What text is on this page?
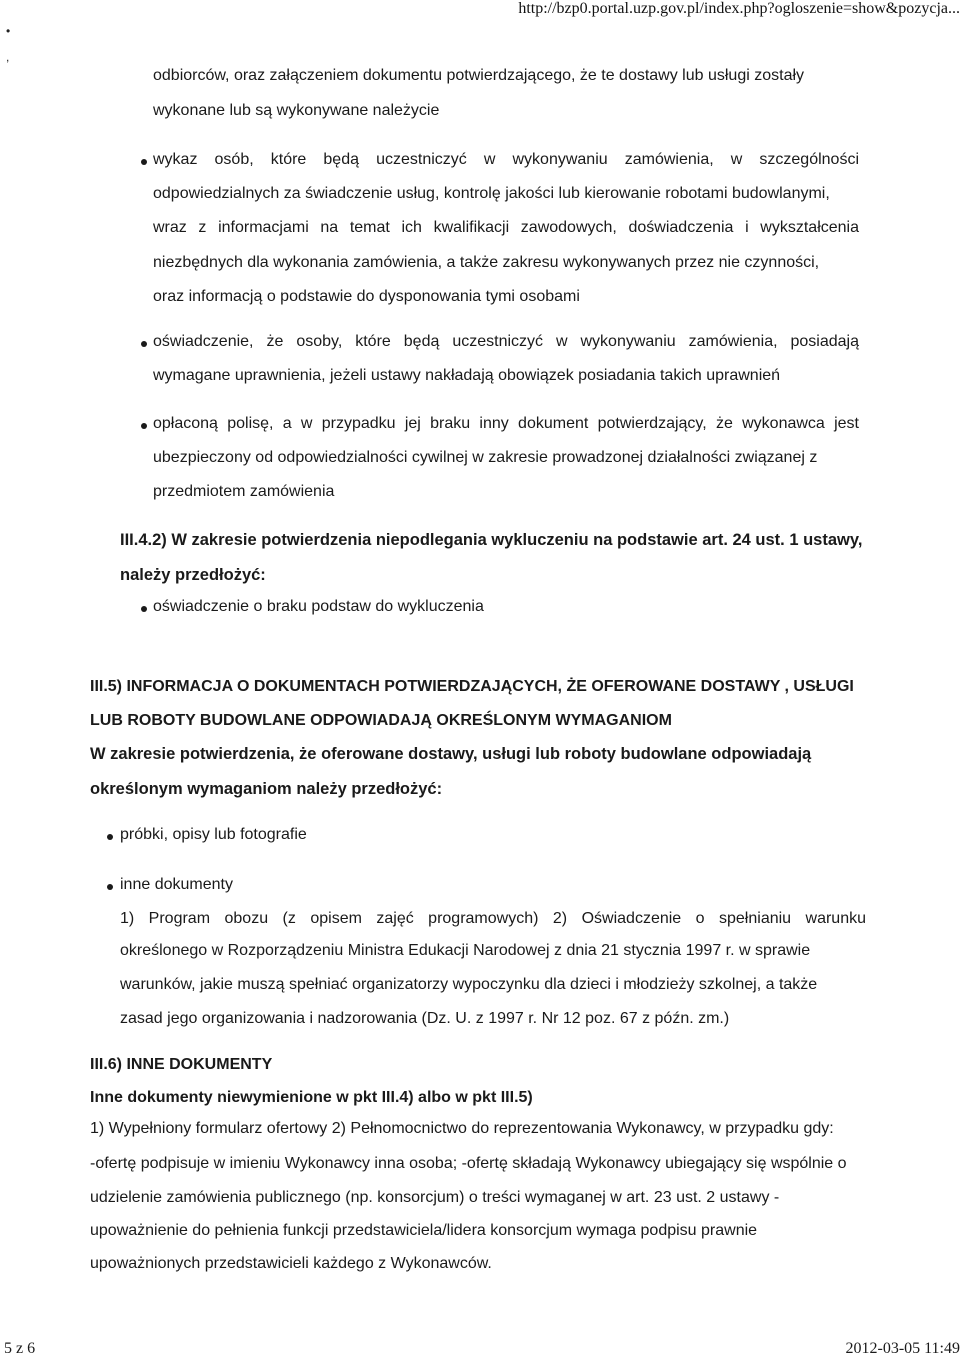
http://bzp0.portal.uzp.gov.pl/index.php?ogloszenie=show&pozycja...
•
,
odbiorców, oraz załączeniem dokumentu potwierdzającego, że te dostawy lub usługi zostały
wykonane lub są wykonywane należycie
wykaz osób, które będą uczestniczyć w wykonywaniu zamówienia, w szczególności
odpowiedzialnych za świadczenie usług, kontrolę jakości lub kierowanie robotami budowlanymi,
wraz z informacjami na temat ich kwalifikacji zawodowych, doświadczenia i wykształcenia
niezbędnych dla wykonania zamówienia, a także zakresu wykonywanych przez nie czynności,
oraz informacją o podstawie do dysponowania tymi osobami
oświadczenie, że osoby, które będą uczestniczyć w wykonywaniu zamówienia, posiadają
wymagane uprawnienia, jeżeli ustawy nakładają obowiązek posiadania takich uprawnień
opłaconą polisę, a w przypadku jej braku inny dokument potwierdzający, że wykonawca jest
ubezpieczony od odpowiedzialności cywilnej w zakresie prowadzonej działalności związanej z
przedmiotem zamówienia
III.4.2) W zakresie potwierdzenia niepodlegania wykluczeniu na podstawie art. 24 ust. 1 ustawy,
należy przedłożyć:
oświadczenie o braku podstaw do wykluczenia
III.5) INFORMACJA O DOKUMENTACH POTWIERDZAJĄCYCH, ŻE OFEROWANE DOSTAWY , USŁUGI
LUB ROBOTY BUDOWLANE ODPOWIADAJĄ OKREŚLONYM WYMAGANIOM
W zakresie potwierdzenia, że oferowane dostawy, usługi lub roboty budowlane odpowiadają
określonym wymaganiom należy przedłożyć:
próbki, opisy lub fotografie
inne dokumenty
1) Program obozu (z opisem zajęć programowych) 2) Oświadczenie o spełnianiu warunku
określonego w Rozporządzeniu Ministra Edukacji Narodowej z dnia 21 stycznia 1997 r. w sprawie
warunków, jakie muszą spełniać organizatorzy wypoczynku dla dzieci i młodzieży szkolnej, a także
zasad jego organizowania i nadzorowania (Dz. U. z 1997 r. Nr 12 poz. 67 z późn. zm.)
III.6) INNE DOKUMENTY
Inne dokumenty niewymienione w pkt III.4) albo w pkt III.5)
1) Wypełniony formularz ofertowy 2) Pełnomocnictwo do reprezentowania Wykonawcy, w przypadku gdy:
-ofertę podpisuje w imieniu Wykonawcy inna osoba; -ofertę składają Wykonawcy ubiegający się wspólnie o
udzielenie zamówienia publicznego (np. konsorcjum) o treści wymaganej w art. 23 ust. 2 ustawy -
upoważnienie do pełnienia funkcji przedstawiciela/lidera konsorcjum wymaga podpisu prawnie
upoważnionych przedstawicieli każdego z Wykonawców.
5 z 6	2012-03-05 11:49
